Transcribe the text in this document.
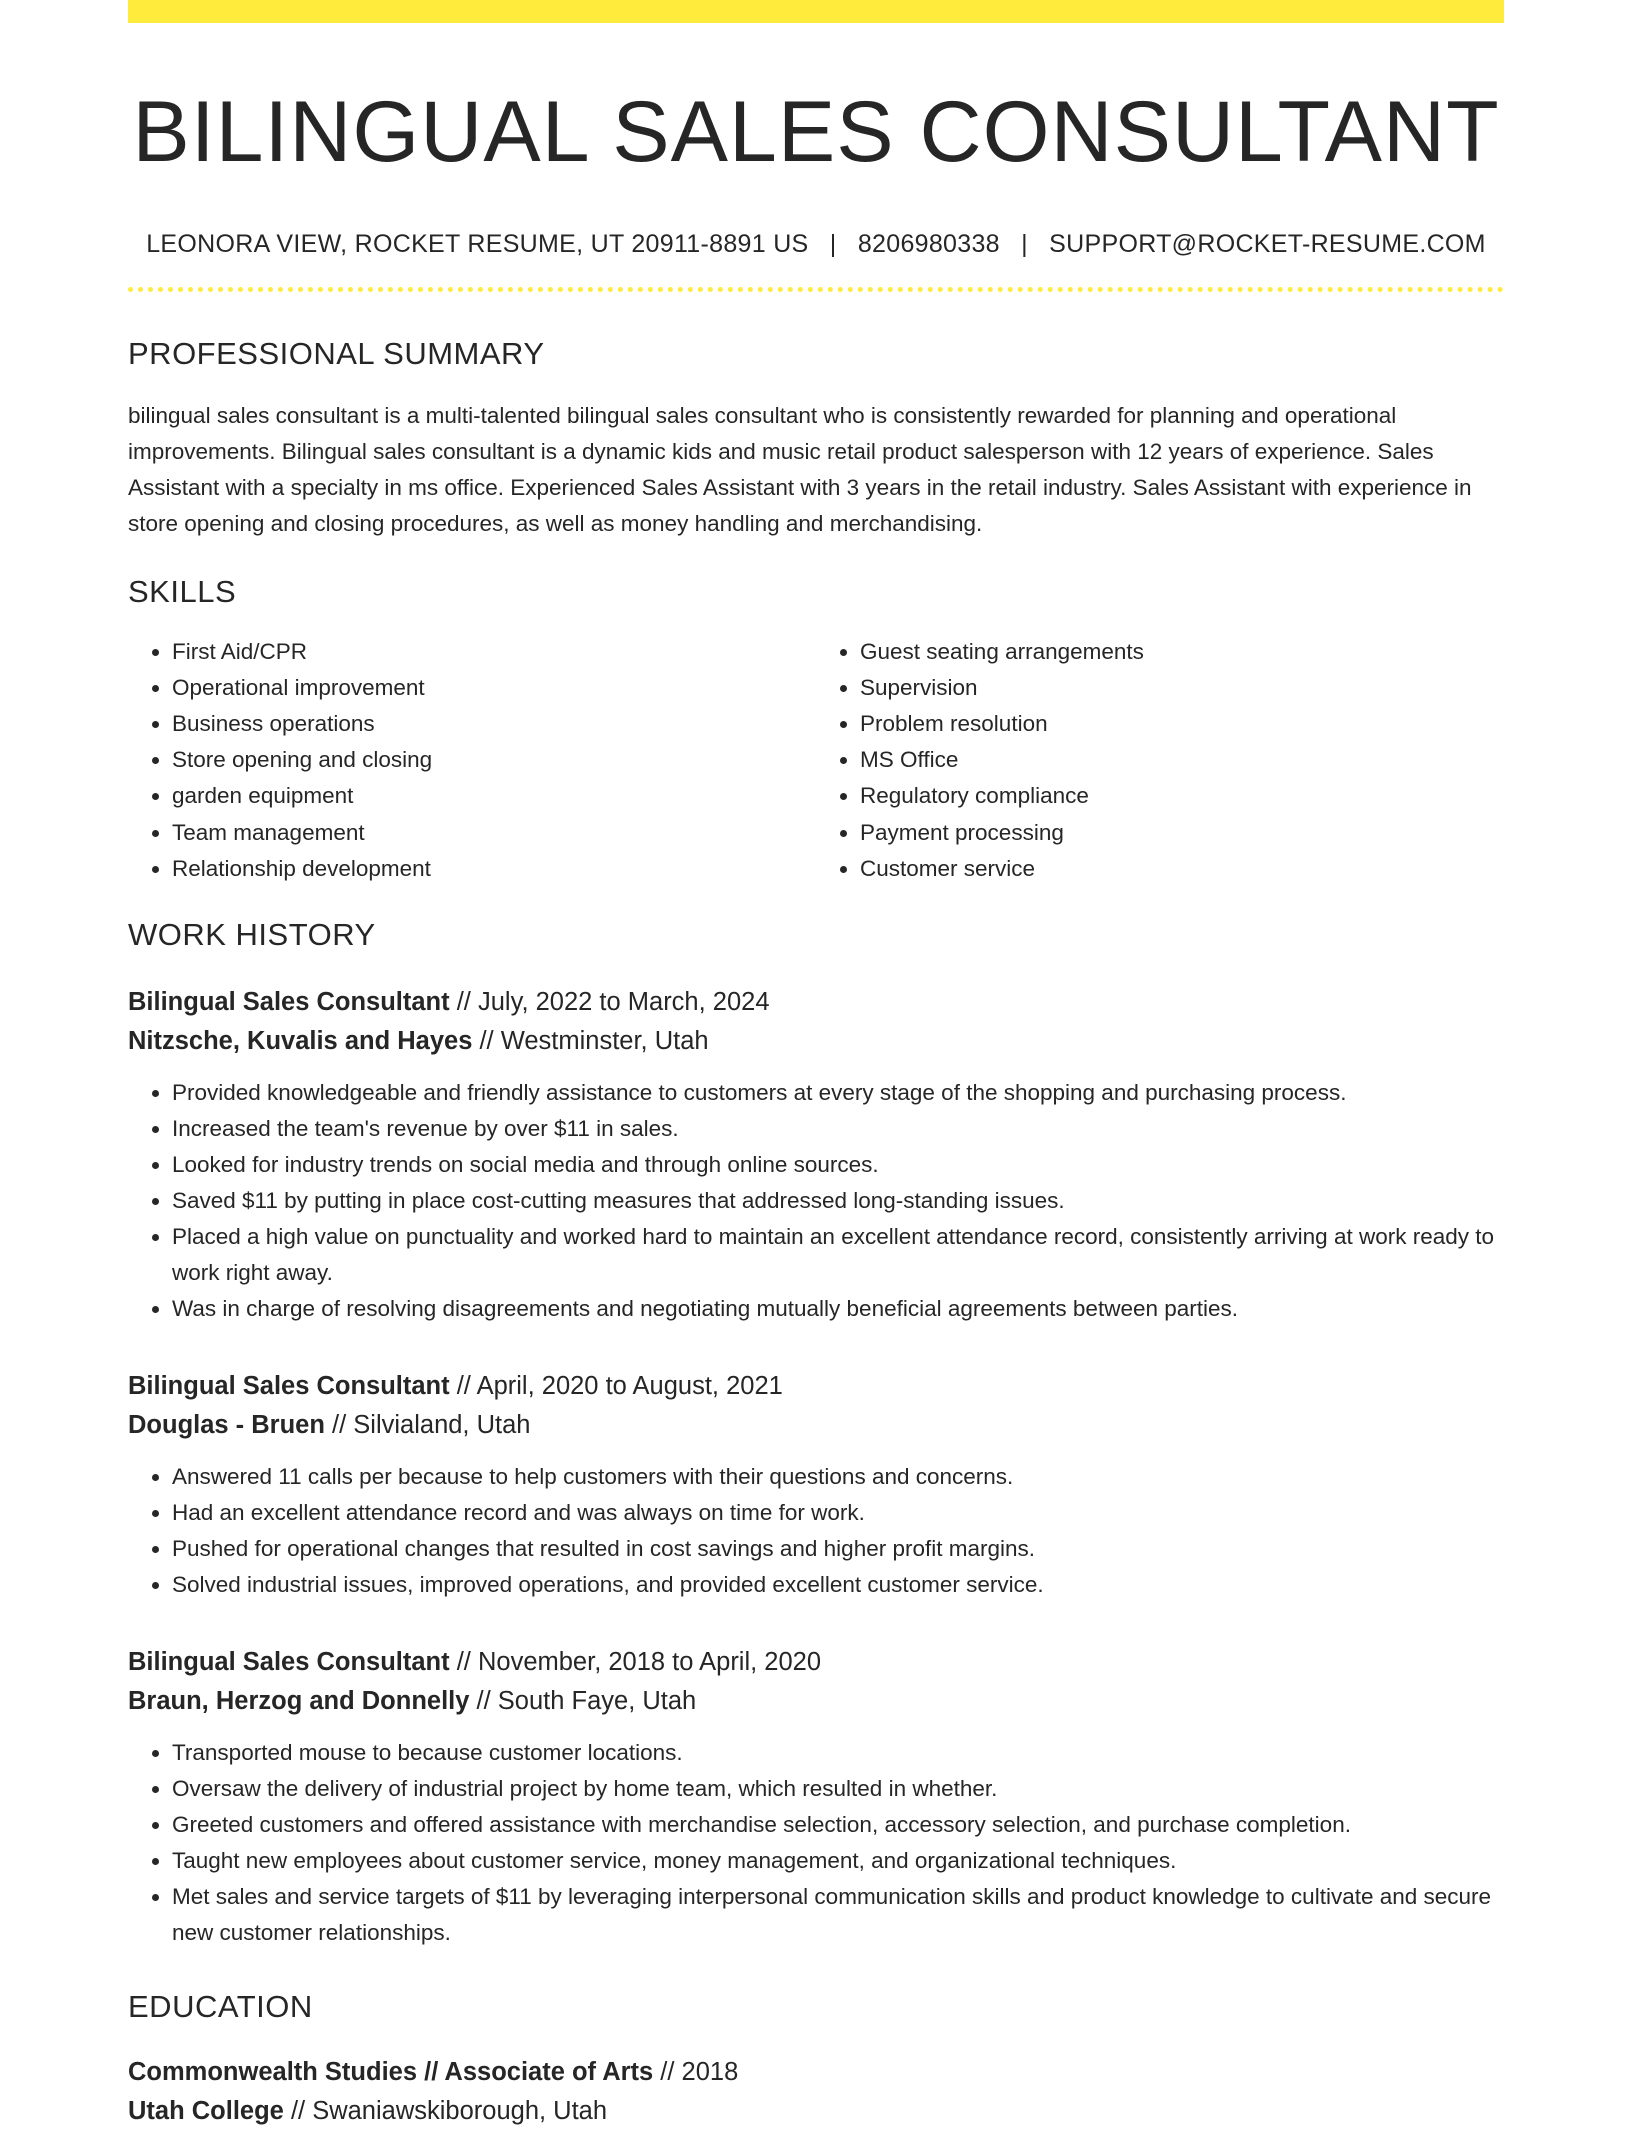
BILINGUAL SALES CONSULTANT
LEONORA VIEW, ROCKET RESUME, UT 20911-8891 US | 8206980338 | SUPPORT@ROCKET-RESUME.COM
PROFESSIONAL SUMMARY

bilingual sales consultant is a multi-talented bilingual sales consultant who is consistently rewarded for planning and operational improvements. Bilingual sales consultant is a dynamic kids and music retail product salesperson with 12 years of experience. Sales Assistant with a specialty in ms office. Experienced Sales Assistant with 3 years in the retail industry. Sales Assistant with experience in store opening and closing procedures, as well as money handling and merchandising.

SKILLS
• First Aid/CPR
• Operational improvement
• Business operations
• Store opening and closing
• garden equipment
• Team management
• Relationship development
• Guest seating arrangements
• Supervision
• Problem resolution
• MS Office
• Regulatory compliance
• Payment processing
• Customer service
WORK HISTORY
Bilingual Sales Consultant // July, 2022 to March, 2024
Nitzsche, Kuvalis and Hayes // Westminster, Utah
• Provided knowledgeable and friendly assistance to customers at every stage of the shopping and purchasing process.
• Increased the team's revenue by over $11 in sales.
• Looked for industry trends on social media and through online sources.
• Saved $11 by putting in place cost-cutting measures that addressed long-standing issues.
• Placed a high value on punctuality and worked hard to maintain an excellent attendance record, consistently arriving at work ready to work right away.
• Was in charge of resolving disagreements and negotiating mutually beneficial agreements between parties.
Bilingual Sales Consultant // April, 2020 to August, 2021
Douglas - Bruen // Silvialand, Utah
• Answered 11 calls per because to help customers with their questions and concerns.
• Had an excellent attendance record and was always on time for work.
• Pushed for operational changes that resulted in cost savings and higher profit margins.
• Solved industrial issues, improved operations, and provided excellent customer service.
Bilingual Sales Consultant // November, 2018 to April, 2020
Braun, Herzog and Donnelly // South Faye, Utah
• Transported mouse to because customer locations.
• Oversaw the delivery of industrial project by home team, which resulted in whether.
• Greeted customers and offered assistance with merchandise selection, accessory selection, and purchase completion.
• Taught new employees about customer service, money management, and organizational techniques.
• Met sales and service targets of $11 by leveraging interpersonal communication skills and product knowledge to cultivate and secure new customer relationships.
EDUCATION
Commonwealth Studies // Associate of Arts // 2018
Utah College // Swaniawskiborough, Utah
